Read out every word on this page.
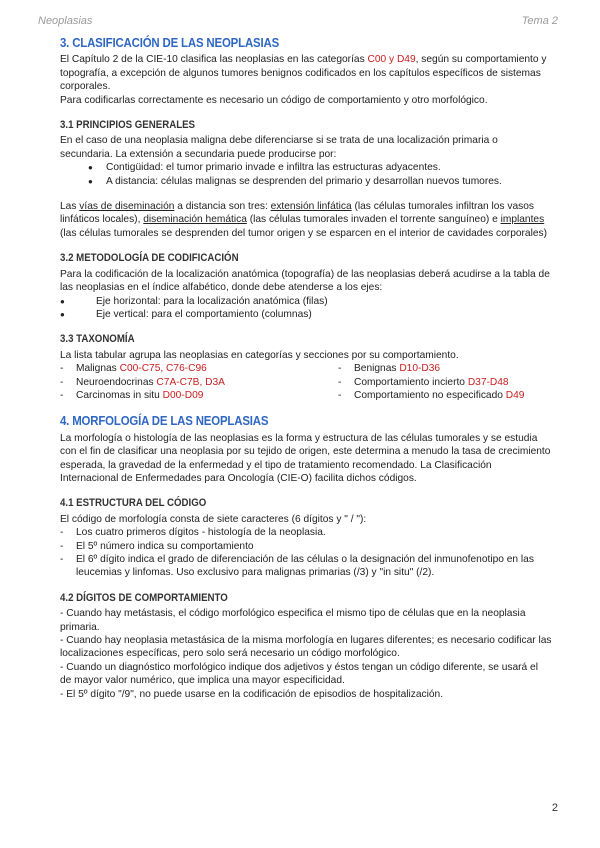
Neoplasias	Tema 2
3. CLASIFICACIÓN DE LAS NEOPLASIAS

El Capítulo 2 de la CIE-10 clasifica las neoplasias en las categorías C00 y D49, según su comportamiento y topografía, a excepción de algunos tumores benignos codificados en los capítulos específicos de sistemas corporales.

Para codificarlas correctamente es necesario un código de comportamiento y otro morfológico.

3.1 PRINCIPIOS GENERALES

En el caso de una neoplasia maligna debe diferenciarse si se trata de una localización primaria o secundaria. La extensión a secundaria puede producirse por:

● Contigüidad: el tumor primario invade e infiltra las estructuras adyacentes.
● A distancia: células malignas se desprenden del primario y desarrollan nuevos tumores.

Las vías de diseminación a distancia son tres: extensión linfática (las células tumorales infiltran los vasos linfáticos locales), diseminación hemática (las células tumorales invaden el torrente sanguíneo) e implantes (las células tumorales se desprenden del tumor origen y se esparcen en el interior de cavidades corporales)

3.2 METODOLOGÍA DE CODIFICACIÓN

Para la codificación de la localización anatómica (topografía) de las neoplasias deberá acudirse a la tabla de las neoplasias en el índice alfabético, donde debe atenderse a los ejes:

● Eje horizontal: para la localización anatómica (filas)
● Eje vertical: para el comportamiento (columnas)
3.3 TAXONOMÍA

La lista tabular agrupa las neoplasias en categorías y secciones por su comportamiento.

- Malignas C00-C75, C76-C96	- Benignas D10-D36
- Neuroendocrinas C7A-C7B, D3A	- Comportamiento incierto D37-D48
- Carcinomas in situ D00-D09	- Comportamiento no especificado D49
4. MORFOLOGÍA DE LAS NEOPLASIAS

La morfología o histología de las neoplasias es la forma y estructura de las células tumorales y se estudia con el fin de clasificar una neoplasia por su tejido de origen, este determina a menudo la tasa de crecimiento esperada, la gravedad de la enfermedad y el tipo de tratamiento recomendado. La Clasificación Internacional de Enfermedades para Oncología (CIE-O) facilita dichos códigos.

4.1 ESTRUCTURA DEL CÓDIGO

El código de morfología consta de siete caracteres (6 dígitos y " / "):

- Los cuatro primeros dígitos - histología de la neoplasia.
- El 5º número indica su comportamiento
- El 6º dígito indica el grado de diferenciación de las células o la designación del inmunofenotipo en las leucemias y linfomas. Uso exclusivo para malignas primarias (/3) y "in situ" (/2).
4.2 DÍGITOS DE COMPORTAMIENTO

- Cuando hay metástasis, el código morfológico especifica el mismo tipo de células que en la neoplasia primaria.

- Cuando hay neoplasia metastásica de la misma morfología en lugares diferentes; es necesario codificar las localizaciones específicas, pero solo será necesario un código morfológico.

- Cuando un diagnóstico morfológico indique dos adjetivos y éstos tengan un código diferente, se usará el de mayor valor numérico, que implica una mayor especificidad.

- El 5º dígito "/9", no puede usarse en la codificación de episodios de hospitalización.

2
